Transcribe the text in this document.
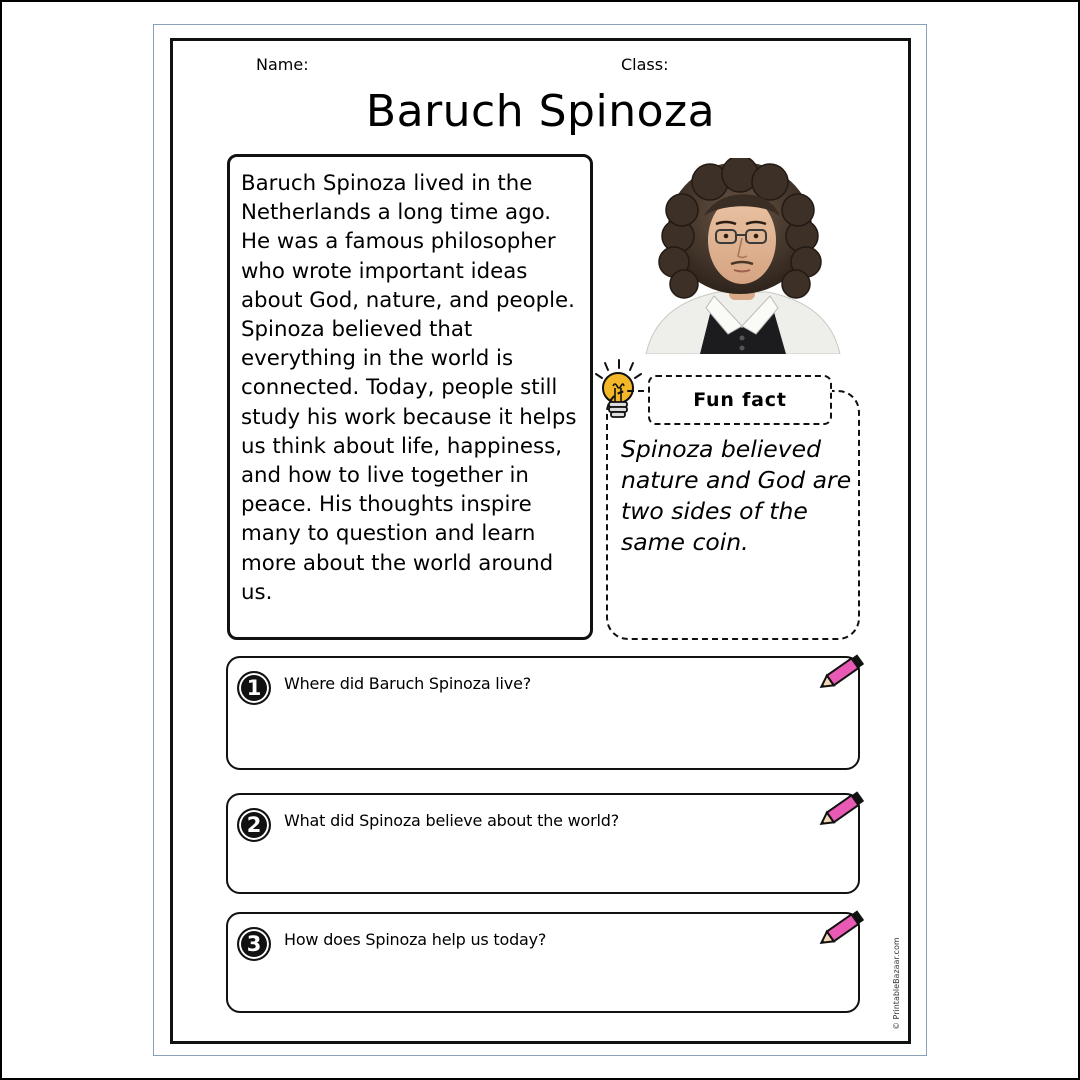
Name:	Class:
Baruch Spinoza

Baruch Spinoza lived in the Netherlands a long time ago. He was a famous philosopher who wrote important ideas about God, nature, and people. Spinoza believed that everything in the world is connected. Today, people still study his work because it helps us think about life, happiness, and how to live together in peace. His thoughts inspire many to question and learn more about the world around us.

Fun fact

Spinoza believed nature and God are two sides of the same coin.

1	Where did Baruch Spinoza live?
2	What did Spinoza believe about the world?
3	How does Spinoza help us today?	© PrintableBazaar.com
